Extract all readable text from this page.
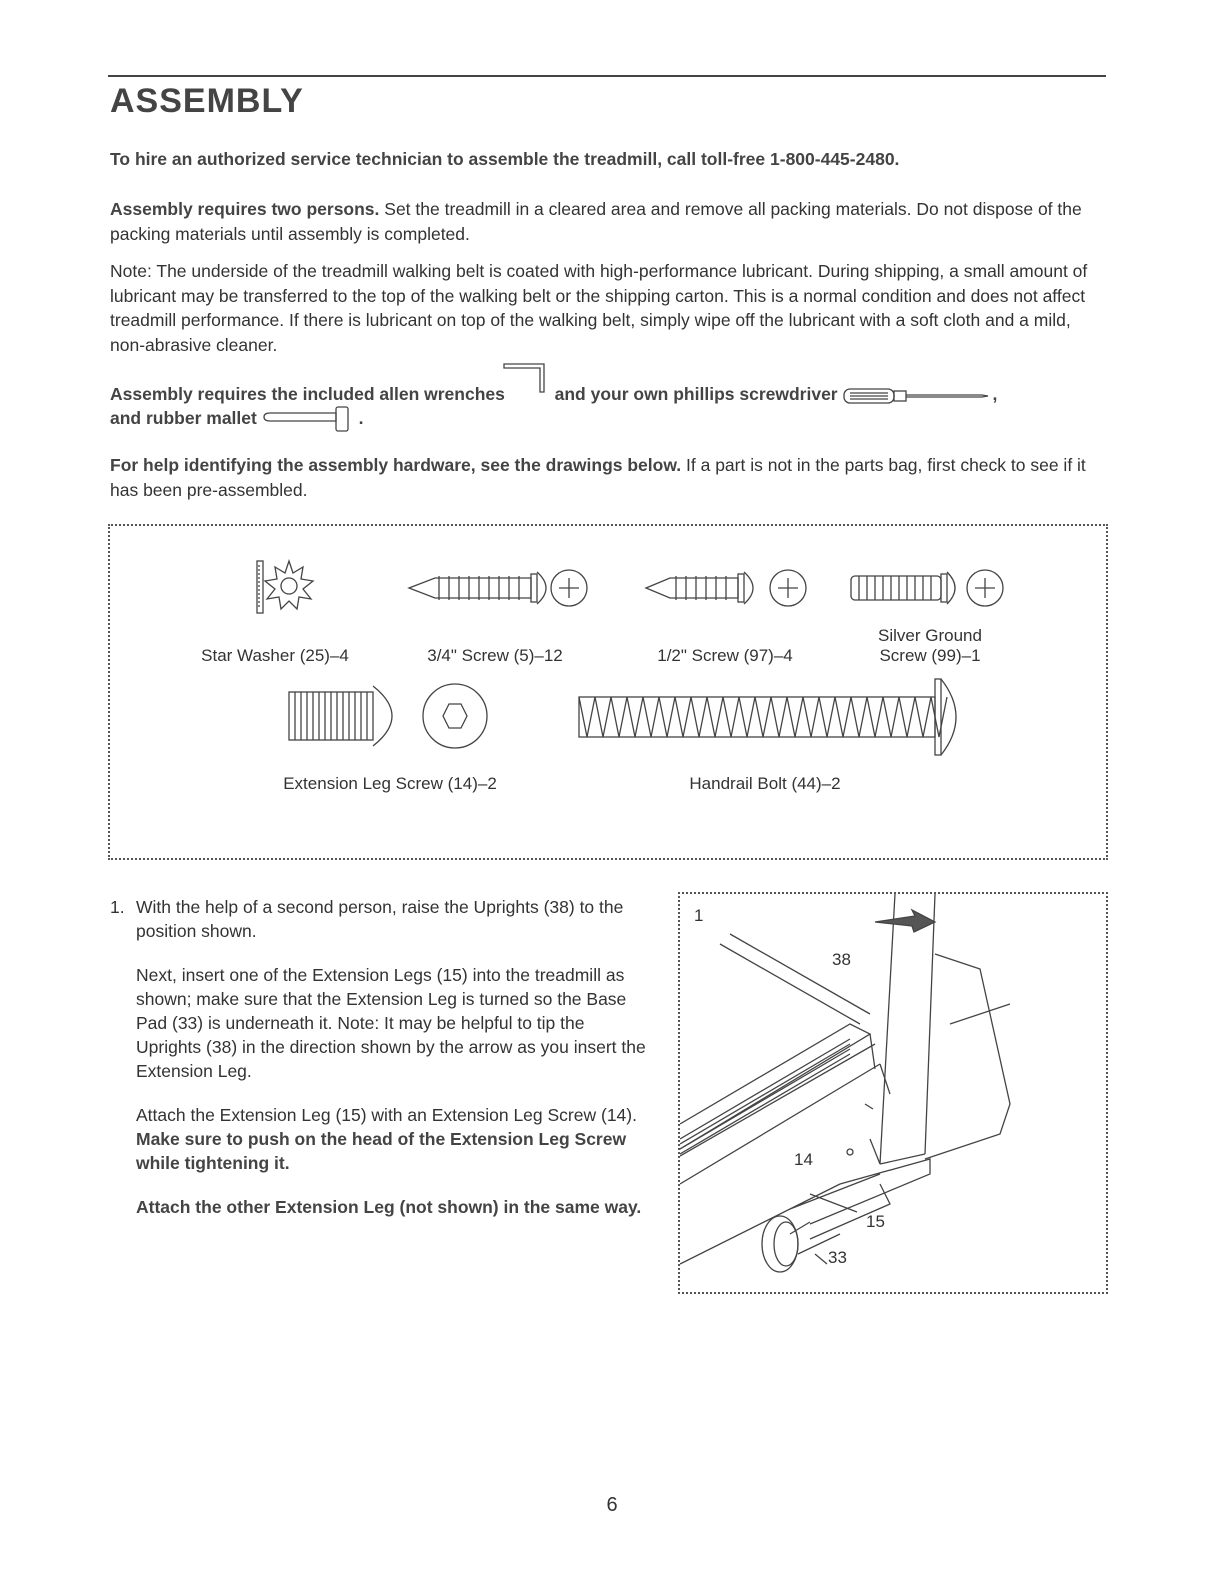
ASSEMBLY
To hire an authorized service technician to assemble the treadmill, call toll-free 1-800-445-2480.
Assembly requires two persons. Set the treadmill in a cleared area and remove all packing materials. Do not dispose of the packing materials until assembly is completed.
Note: The underside of the treadmill walking belt is coated with high-performance lubricant. During shipping, a small amount of lubricant may be transferred to the top of the walking belt or the shipping carton. This is a normal condition and does not affect treadmill performance. If there is lubricant on top of the walking belt, simply wipe off the lubricant with a soft cloth and a mild, non-abrasive cleaner.
Assembly requires the included allen wrenches	and your own phillips screwdriver	,
and rubber mallet	.
For help identifying the assembly hardware, see the drawings below. If a part is not in the parts bag, first check to see if it has been pre-assembled.
Star Washer (25)–4	3/4" Screw (5)–12	1/2" Screw (97)–4
Silver Ground
Screw (99)–1
Extension Leg Screw (14)–2	Handrail Bolt (44)–2
1. With the help of a second person, raise the Uprights (38) to the position shown.

Next, insert one of the Extension Legs (15) into the treadmill as shown; make sure that the Extension Leg is turned so the Base Pad (33) is underneath it. Note: It may be helpful to tip the Uprights (38) in the direction shown by the arrow as you insert the Extension Leg.

Attach the Extension Leg (15) with an Extension Leg Screw (14). Make sure to push on the head of the Extension Leg Screw while tightening it.

Attach the other Extension Leg (not shown) in the same way.

1
38
14
15
33
6
